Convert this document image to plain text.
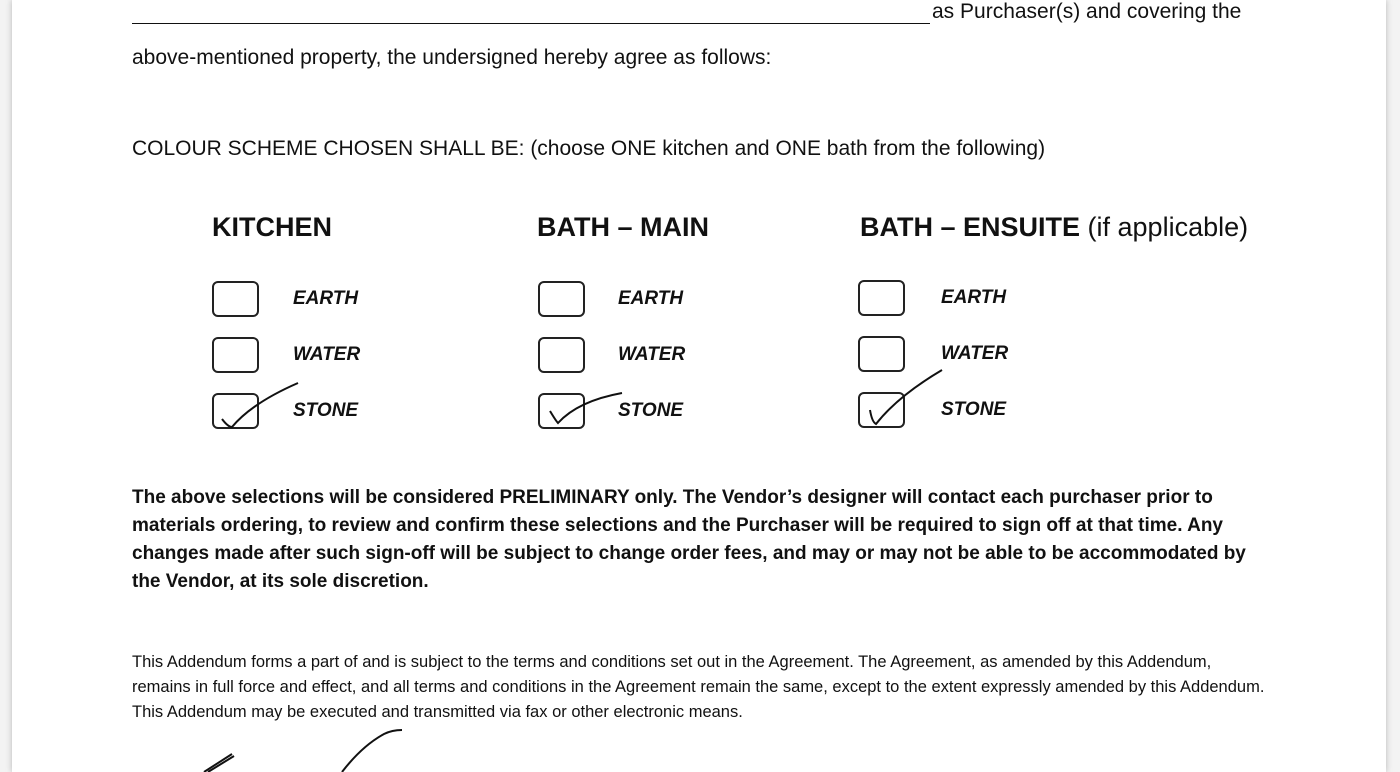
as Purchaser(s) and covering the
above-mentioned property, the undersigned hereby agree as follows:
COLOUR SCHEME CHOSEN SHALL BE: (choose ONE kitchen and ONE bath from the following)
KITCHEN
EARTH
WATER
STONE
BATH – MAIN
EARTH
WATER
STONE
BATH – ENSUITE (if applicable)
EARTH
WATER
STONE

The above selections will be considered PRELIMINARY only. The Vendor’s designer will contact each purchaser prior to materials ordering, to review and confirm these selections and the Purchaser will be required to sign off at that time. Any changes made after such sign-off will be subject to change order fees, and may or may not be able to be accommodated by the Vendor, at its sole discretion.

This Addendum forms a part of and is subject to the terms and conditions set out in the Agreement. The Agreement, as amended by this Addendum, remains in full force and effect, and all terms and conditions in the Agreement remain the same, except to the extent expressly amended by this Addendum. This Addendum may be executed and transmitted via fax or other electronic means.
